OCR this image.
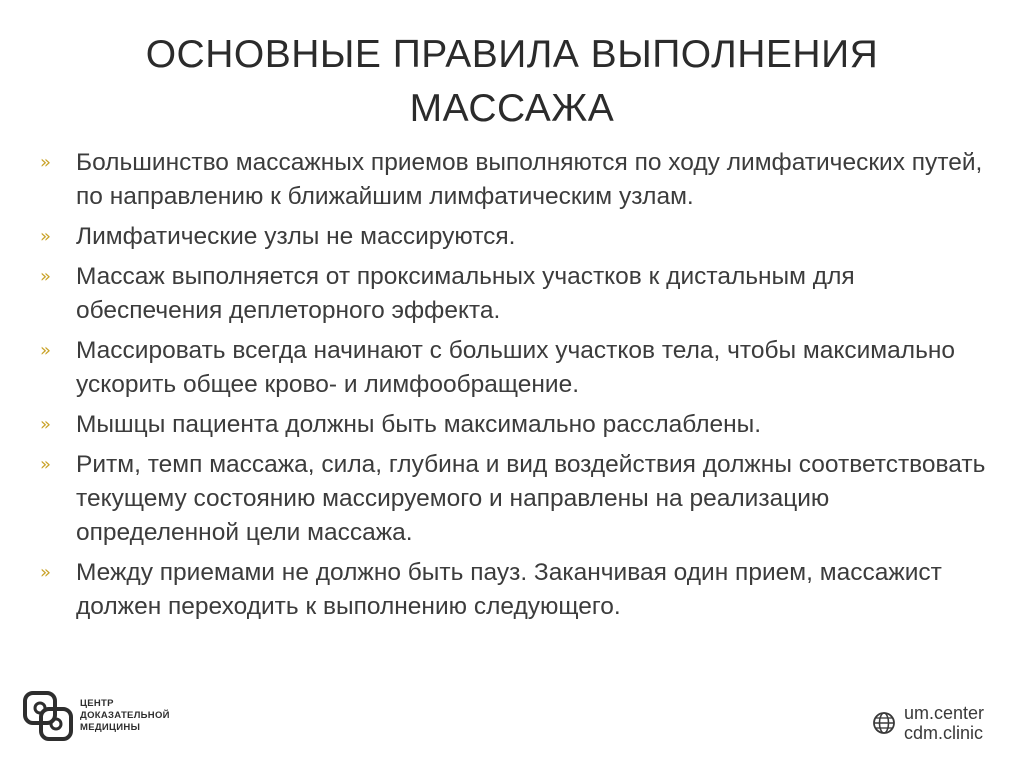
ОСНОВНЫЕ ПРАВИЛА ВЫПОЛНЕНИЯ
МАССАЖА
» Большинство массажных приемов выполняются по ходу лимфатических путей, по направлению к ближайшим лимфатическим узлам.
» Лимфатические узлы не массируются.
» Массаж выполняется от проксимальных участков к дистальным для обеспечения деплеторного эффекта.
» Массировать всегда начинают с больших участков тела, чтобы максимально ускорить общее крово- и лимфообращение.
» Мышцы пациента должны быть максимально расслаблены.
» Ритм, темп массажа, сила, глубина и вид воздействия должны соответствовать текущему состоянию массируемого и направлены на реализацию определенной цели массажа.
» Между приемами не должно быть пауз. Заканчивая один прием, массажист должен переходить к выполнению следующего.
ЦЕНТР
ДОКАЗАТЕЛЬНОЙ
МЕДИЦИНЫ
um.center
cdm.clinic
